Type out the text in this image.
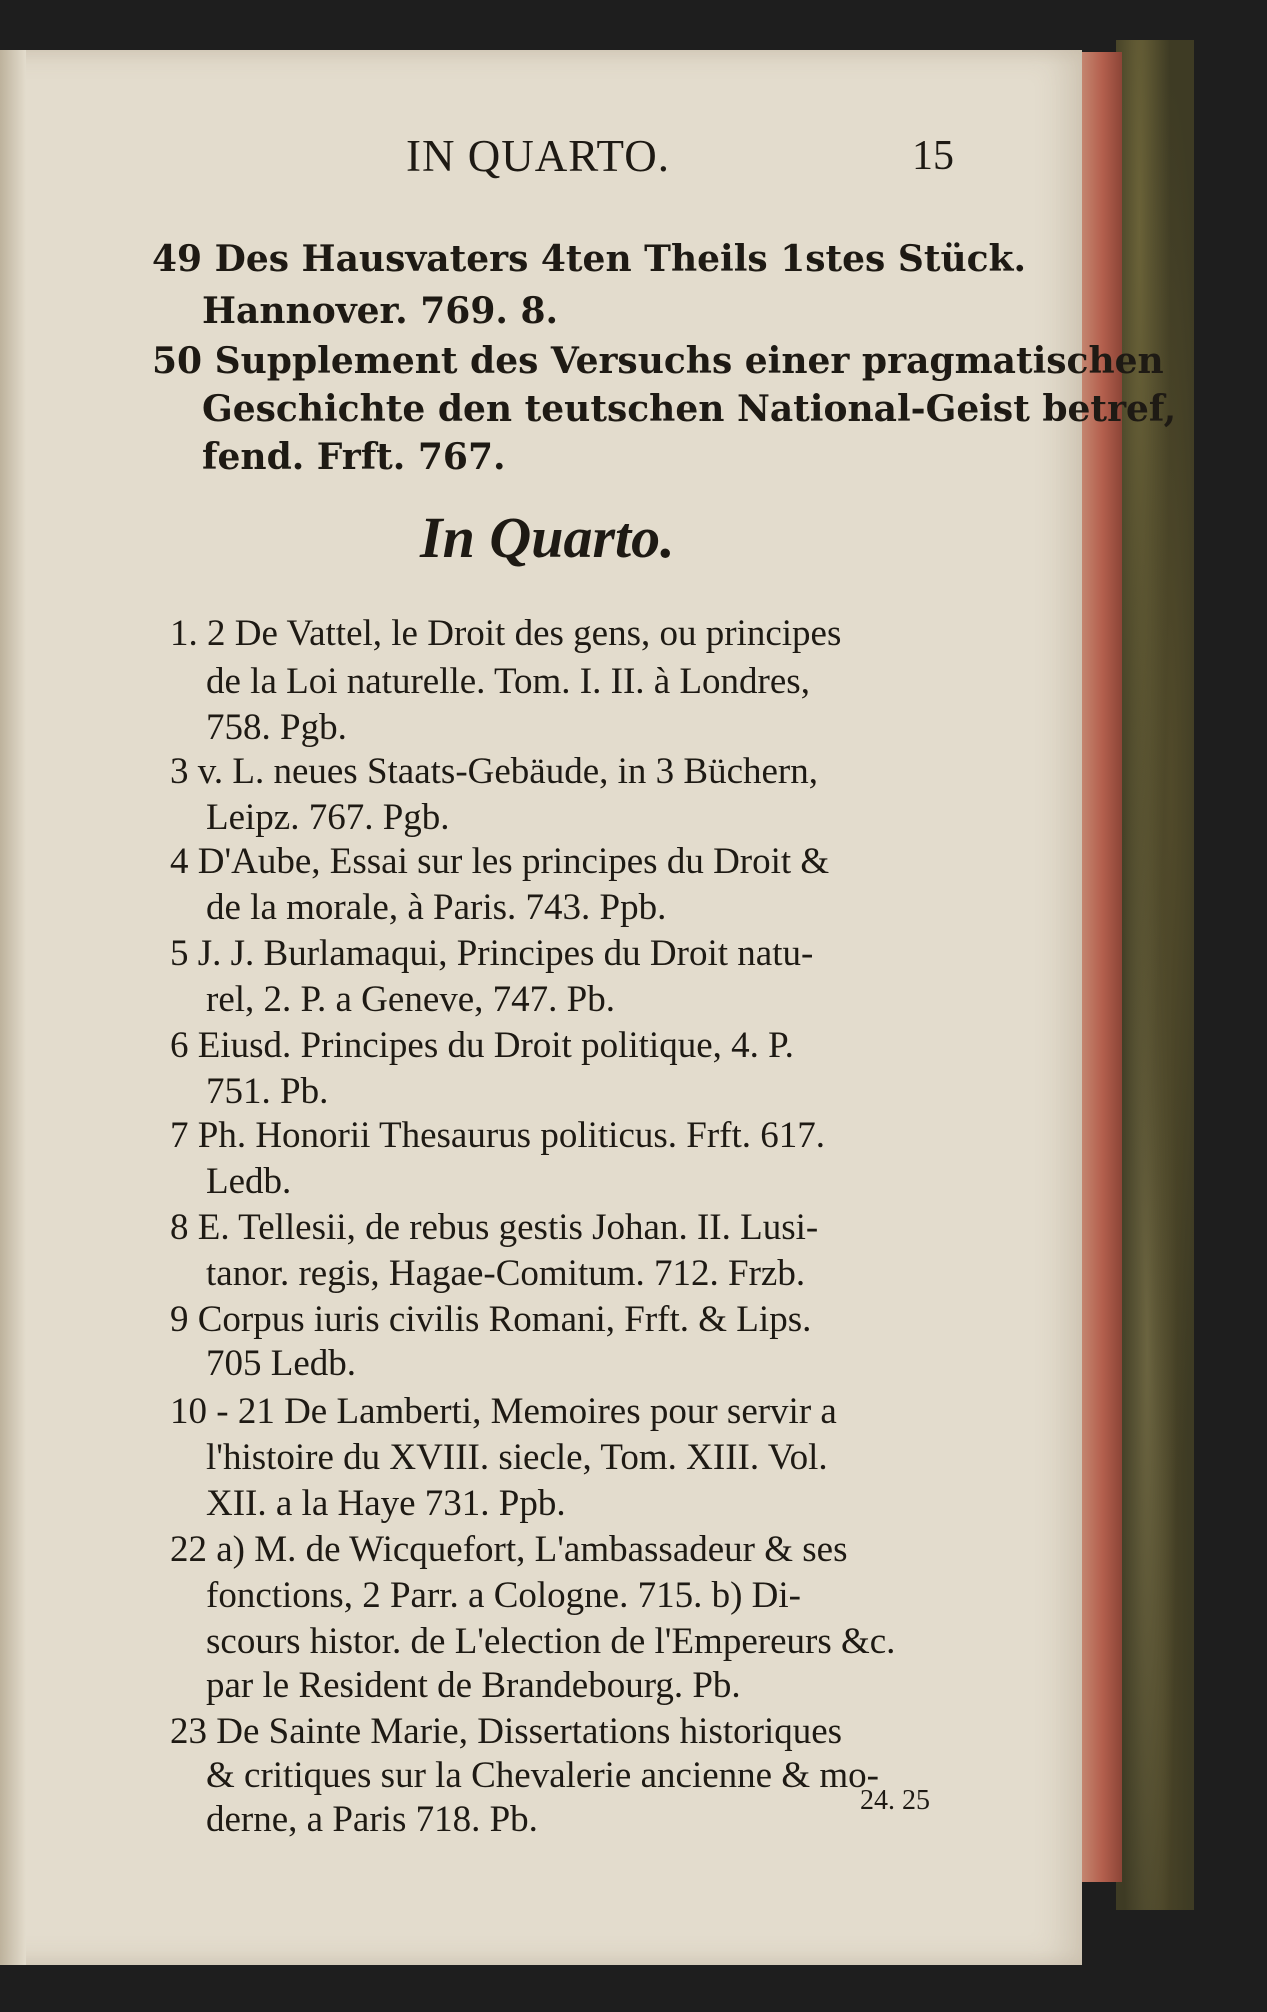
IN QUARTO.	15
49 Des Hausvaters 4ten Theils 1stes Stück.
Hannover. 769. 8.
50 Supplement des Versuchs einer pragmatischen
Geschichte den teutschen National-Geist betref,
fend. Frft. 767.
In Quarto.
1. 2 De Vattel, le Droit des gens, ou principes
de la Loi naturelle. Tom. I. II. à Londres,
758. Pgb.
3 v. L. neues Staats-Gebäude, in 3 Büchern,
Leipz. 767. Pgb.
4 D'Aube, Essai sur les principes du Droit &
de la morale, à Paris. 743. Ppb.
5 J. J. Burlamaqui, Principes du Droit natu-
rel, 2. P. a Geneve, 747. Pb.
6 Eiusd. Principes du Droit politique, 4. P.
751. Pb.
7 Ph. Honorii Thesaurus politicus. Frft. 617.
Ledb.
8 E. Tellesii, de rebus gestis Johan. II. Lusi-
tanor. regis, Hagae-Comitum. 712. Frzb.
9 Corpus iuris civilis Romani, Frft. & Lips.
705 Ledb.
10 - 21 De Lamberti, Memoires pour servir a
l'histoire du XVIII. siecle, Tom. XIII. Vol.
XII. a la Haye 731. Ppb.
22 a) M. de Wicquefort, L'ambassadeur & ses
fonctions, 2 Parr. a Cologne. 715. b) Di-
scours histor. de L'election de l'Empereurs &c.
par le Resident de Brandebourg. Pb.
23 De Sainte Marie, Dissertations historiques
& critiques sur la Chevalerie ancienne & mo-
derne, a Paris 718. Pb.	24. 25
